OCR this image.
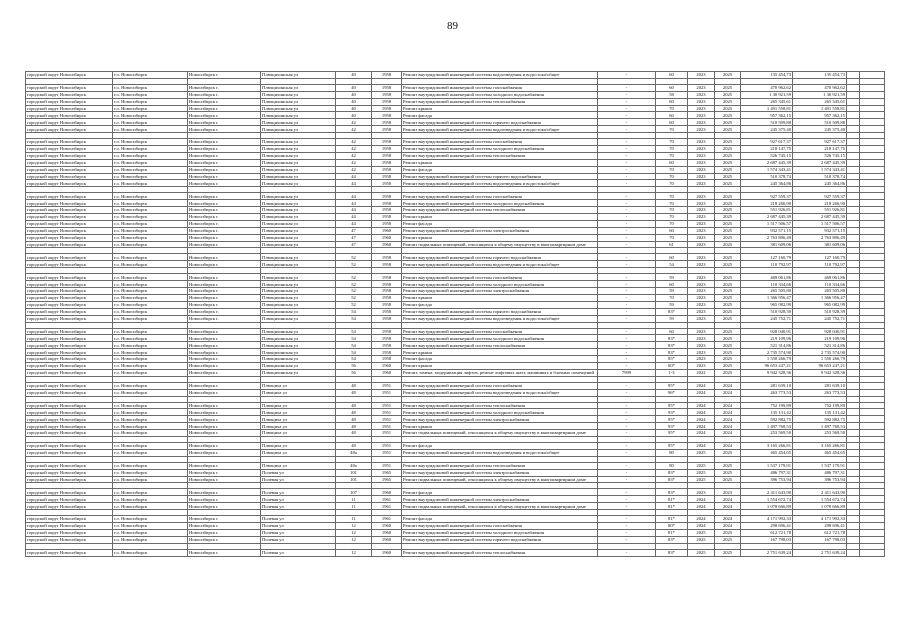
89
городской округ Новосибирск	г.о. Новосибирск	Новосибирск г.	Плющихинская ул	40	1958	Ремонт внутридомовой инженерной системы водоотведения и водостока/общее	-	60	2023	2025	135 454,73	135 454,73		

городской округ Новосибирск	г.о. Новосибирск	Новосибирск г.	Плющихинская ул	40	1958	Ремонт внутридомовой инженерной системы газоснабжения	-	60	2023	2025	470 962,62	470 962,62		
городской округ Новосибирск	г.о. Новосибирск	Новосибирск г.	Плющихинская ул	40	1958	Ремонт внутридомовой инженерной системы холодного водоснабжения	-	58	2023	2025	1 30 921,59	1 30 921,59		
городской округ Новосибирск	г.о. Новосибирск	Новосибирск г.	Плющихинская ул	40	1958	Ремонт внутридомовой инженерной системы теплоснабжения	-	60	2023	2025	265 345,61	265 345,61		
городской округ Новосибирск	г.о. Новосибирск	Новосибирск г.	Плющихинская ул	40	1958	Ремонт крыши	-	70	2023	2025	1 491 558,81	1 491 558,81		
городской округ Новосибирск	г.о. Новосибирск	Новосибирск г.	Плющихинская ул	40	1958	Ремонт фасада	-	60	2023	2025	957 362,15	957 362,15		
городской округ Новосибирск	г.о. Новосибирск	Новосибирск г.	Плющихинская ул	42	1958	Ремонт внутридомовой инженерной системы горячего водоснабжения	-	60	2023	2025	510 509,88	510 509,88		
городской округ Новосибирск	г.о. Новосибирск	Новосибирск г.	Плющихинская ул	42	1958	Ремонт внутридомовой инженерной системы водоотведения и водостока/общее	-	70	2023	2025	245 375,40	245 375,40		

городской округ Новосибирск	г.о. Новосибирск	Новосибирск г.	Плющихинская ул	42	1958	Ремонт внутридомовой инженерной системы газоснабжения	-	70	2023	2025	927 617,37	927 617,37		
городской округ Новосибирск	г.о. Новосибирск	Новосибирск г.	Плющихинская ул	42	1958	Ремонт внутридомовой инженерной системы холодного водоснабжения	-	70	2023	2025	218 147,75	218 147,75		
городской округ Новосибирск	г.о. Новосибирск	Новосибирск г.	Плющихинская ул	42	1958	Ремонт внутридомовой инженерной системы теплоснабжения	-	70	2023	2025	526 745,15	526 745,15		
городской округ Новосибирск	г.о. Новосибирск	Новосибирск г.	Плющихинская ул	42	1958	Ремонт крыши	-	60	2023	2025	2 687 445,39	2 687 445,39		
городской округ Новосибирск	г.о. Новосибирск	Новосибирск г.	Плющихинская ул	42	1958	Ремонт фасада	-	70	2023	2025	1 574 343,41	1 574 343,41		
городской округ Новосибирск	г.о. Новосибирск	Новосибирск г.	Плющихинская ул	44	1958	Ремонт внутридомовой инженерной системы горячего водоснабжения	-	70	2023	2025	510 378,74	510 378,74		
городской округ Новосибирск	г.о. Новосибирск	Новосибирск г.	Плющихинская ул	44	1958	Ремонт внутридомовой инженерной системы водоотведения и водостока/общее	-	70	2023	2025	245 364,86	245 364,86		

городской округ Новосибирск	г.о. Новосибирск	Новосибирск г.	Плющихинская ул	44	1958	Ремонт внутридомовой инженерной системы газоснабжения	-	70	2023	2025	927 559,37	927 559,37		
городской округ Новосибирск	г.о. Новосибирск	Новосибирск г.	Плющихинская ул	44	1958	Ремонт внутридомовой инженерной системы холодного водоснабжения	-	70	2023	2025	218 266,90	218 266,90		
городской округ Новосибирск	г.о. Новосибирск	Новосибирск г.	Плющихинская ул	44	1958	Ремонт внутридомовой инженерной системы теплоснабжения	-	70	2023	2025	551 926,81	551 926,81		
городской округ Новосибирск	г.о. Новосибирск	Новосибирск г.	Плющихинская ул	44	1958	Ремонт крыши	-	70	2023	2025	2 687 445,39	2 687 445,39		
городской округ Новосибирск	г.о. Новосибирск	Новосибирск г.	Плющихинская ул	44	1958	Ремонт фасада	-	70	2023	2025	1 517 506,57	1 517 506,57		
городской округ Новосибирск	г.о. Новосибирск	Новосибирск г.	Плющихинская ул	47	1960	Ремонт внутридомовой инженерной системы электроснабжения	-	60	2023	2025	932 571,15	932 571,15		
городской округ Новосибирск	г.о. Новосибирск	Новосибирск г.	Плющихинская ул	47	1960	Ремонт крыши	-	70	2023	2025	2 763 806,49	2 763 806,49		
городской округ Новосибирск	г.о. Новосибирск	Новосибирск г.	Плющихинская ул	47	1960	Ремонт подвальных помещений, относящихся к общему имуществу в многоквартирном доме	-	61	2023	2025	381 609,06	381 609,06		

городской округ Новосибирск	г.о. Новосибирск	Новосибирск г.	Плющихинская ул	52	1958	Ремонт внутридомовой инженерной системы горячего водоснабжения	-	60	2023	2025	127 160,79	127 160,79		
городской округ Новосибирск	г.о. Новосибирск	Новосибирск г.	Плющихинская ул	52	1958	Ремонт внутридомовой инженерной системы водоотведения и водостока/общее	-	54	2023	2025	110 792,97	110 792,97		

городской округ Новосибирск	г.о. Новосибирск	Новосибирск г.	Плющихинская ул	52	1958	Ремонт внутридомовой инженерной системы газоснабжения	-	59	2023	2025	469 061,86	469 061,86		
городской округ Новосибирск	г.о. Новосибирск	Новосибирск г.	Плющихинская ул	52	1958	Ремонт внутридомовой инженерной системы холодного водоснабжения	-	60	2023	2025	110 334,66	110 334,66		
городской округ Новосибирск	г.о. Новосибирск	Новосибирск г.	Плющихинская ул	52	1958	Ремонт внутридомовой инженерной системы электроснабжения	-	59	2023	2025	265 505,80	265 505,80		
городской округ Новосибирск	г.о. Новосибирск	Новосибирск г.	Плющихинская ул	52	1958	Ремонт крыши	-	70	2023	2025	1 366 956,47	1 366 956,47		
городской округ Новосибирск	г.о. Новосибирск	Новосибирск г.	Плющихинская ул	52	1958	Ремонт фасада	-	59	2023	2025	965 082,99	965 082,99		
городской округ Новосибирск	г.о. Новосибирск	Новосибирск г.	Плющихинская ул	54	1958	Ремонт внутридомовой инженерной системы горячего водоснабжения	-	83*	2023	2025	510 928,39	510 928,39		
городской округ Новосибирск	г.о. Новосибирск	Новосибирск г.	Плющихинская ул	54	1958	Ремонт внутридомовой инженерной системы водоотведения и водостока/общее	-	59	2023	2025	245 752,71	245 752,71		

городской округ Новосибирск	г.о. Новосибирск	Новосибирск г.	Плющихинская ул	54	1958	Ремонт внутридомовой инженерной системы газоснабжения	-	60	2023	2025	928 040,91	928 040,91		
городской округ Новосибирск	г.о. Новосибирск	Новосибирск г.	Плющихинская ул	54	1958	Ремонт внутридомовой инженерной системы холодного водоснабжения	-	83*	2023	2025	219 109,96	219 109,96		
городской округ Новосибирск	г.о. Новосибирск	Новосибирск г.	Плющихинская ул	54	1958	Ремонт внутридомовой инженерной системы теплоснабжения	-	83*	2023	2025	521 314,86	521 314,86		
городской округ Новосибирск	г.о. Новосибирск	Новосибирск г.	Плющихинская ул	54	1958	Ремонт крыши	-	83*	2023	2025	2 735 574,90	2 735 574,90		
городской округ Новосибирск	г.о. Новосибирск	Новосибирск г.	Плющихинская ул	54	1958	Ремонт фасада	-	85*	2023	2025	1 550 266,79	1 550 266,79		
городской округ Новосибирск	г.о. Новосибирск	Новосибирск г.	Плющихинская ул	56	1960	Ремонт крыши	-	60*	2023	2025	96 653 247,21	96 653 247,21		
городской округ Новосибирск	г.о. Новосибирск	Новосибирск г.	Плющихинская ул	56	1960	Ремонт, замена, модернизация лифтов, ремонт лифтовых шахт, машинных и блочных помещений	7999	1-3	2022	2025	9 942 328,36	9 942 328,36		

городской округ Новосибирск	г.о. Новосибирск	Новосибирск г.	Плющиха ул	48	1951	Ремонт внутридомовой инженерной системы газоснабжения	-	95*	2024	2024	281 639,10	281 639,10		
городской округ Новосибирск	г.о. Новосибирск	Новосибирск г.	Плющиха ул	48	1951	Ремонт внутридомовой инженерной системы водоотведения и водостока/общее	-	96*	2024	2024	263 773,53	263 773,53		

городской округ Новосибирск	г.о. Новосибирск	Новосибирск г.	Плющиха ул	48	1951	Ремонт внутридомовой инженерной системы теплоснабжения	-	95*	2024	2024	752 199,89	752 199,89		
городской округ Новосибирск	г.о. Новосибирск	Новосибирск г.	Плющиха ул	48	1951	Ремонт внутридомовой инженерной системы холодного водоснабжения	-	93*	2024	2024	135 131,42	135 131,42		
городской округ Новосибирск	г.о. Новосибирск	Новосибирск г.	Плющиха ул	48	1951	Ремонт внутридомовой инженерной системы электроснабжения	-	95*	2024	2024	592 882,75	592 882,75		
городской округ Новосибирск	г.о. Новосибирск	Новосибирск г.	Плющиха ул	48	1951	Ремонт крыши	-	93*	2024	2024	1 497 768,53	1 497 768,53		
городской округ Новосибирск	г.о. Новосибирск	Новосибирск г.	Плющиха ул	48	1951	Ремонт подвальных помещений, относящихся к общему имуществу в многоквартирном доме	-	95*	2024	2024	253 569,50	253 569,50		

городской округ Новосибирск	г.о. Новосибирск	Новосибирск г.	Плющиха ул	48	1951	Ремонт фасада	-	95*	2024	2024	3 165 266,81	3 165 266,81		
городской округ Новосибирск	г.о. Новосибирск	Новосибирск г.	Плющиха ул	48а	1951	Ремонт внутридомовой инженерной системы водоотведения и водостока/общее	-	80	2025	2025	465 454,65	465 454,65		

городской округ Новосибирск	г.о. Новосибирск	Новосибирск г.	Плющиха ул	48а	1951	Ремонт внутридомовой инженерной системы теплоснабжения	-	80	2025	2025	1 537 179,91	1 537 179,91		
городской округ Новосибирск	г.о. Новосибирск	Новосибирск г.	Полевая ул	101	1965	Ремонт внутридомовой инженерной системы электроснабжения	-	83*	2025	2025	486 797,31	486 797,31		
городской округ Новосибирск	г.о. Новосибирск	Новосибирск г.	Полевая ул	101	1965	Ремонт подвальных помещений, относящихся к общему имуществу в многоквартирном доме	-	83*	2025	2025	396 753,94	396 753,94		

городской округ Новосибирск	г.о. Новосибирск	Новосибирск г.	Полевая ул	107	1960	Ремонт фасада	-	83*	2023	2023	2 411 643,90	2 411 643,90		
городской округ Новосибирск	г.о. Новосибирск	Новосибирск г.	Полевая ул	11	1961	Ремонт внутридомовой инженерной системы электроснабжения	-	81*	2024	2024	1 554 672,74	1 554 672,74		
городской округ Новосибирск	г.о. Новосибирск	Новосибирск г.	Полевая ул	11	1961	Ремонт подвальных помещений, относящихся к общему имуществу в многоквартирном доме	-	81*	2024	2024	1 078 666,89	1 078 666,89		

городской округ Новосибирск	г.о. Новосибирск	Новосибирск г.	Полевая ул	11	1961	Ремонт фасада	-	81*	2024	2024	4 171 992,33	4 171 992,33		
городской округ Новосибирск	г.о. Новосибирск	Новосибирск г.	Полевая ул	12	1960	Ремонт внутридомовой инженерной системы газоснабжения	-	80*	2024	2024	298 696,41	298 696,41		
городской округ Новосибирск	г.о. Новосибирск	Новосибирск г.	Полевая ул	12	1960	Ремонт внутридомовой инженерной системы холодного водоснабжения	-	81*	2025	2025	612 721,78	612 721,78		
городской округ Новосибирск	г.о. Новосибирск	Новосибирск г.	Полевая ул	12	1960	Ремонт внутридомовой инженерной системы горячего водоснабжения	-	83*	2025	2025	167 798,03	167 798,03		

городской округ Новосибирск	г.о. Новосибирск	Новосибирск г.	Полевая ул	12	1960	Ремонт внутридомовой инженерной системы теплоснабжения	-	83*	2025	2025	2 751 639,24	2 751 639,24		
